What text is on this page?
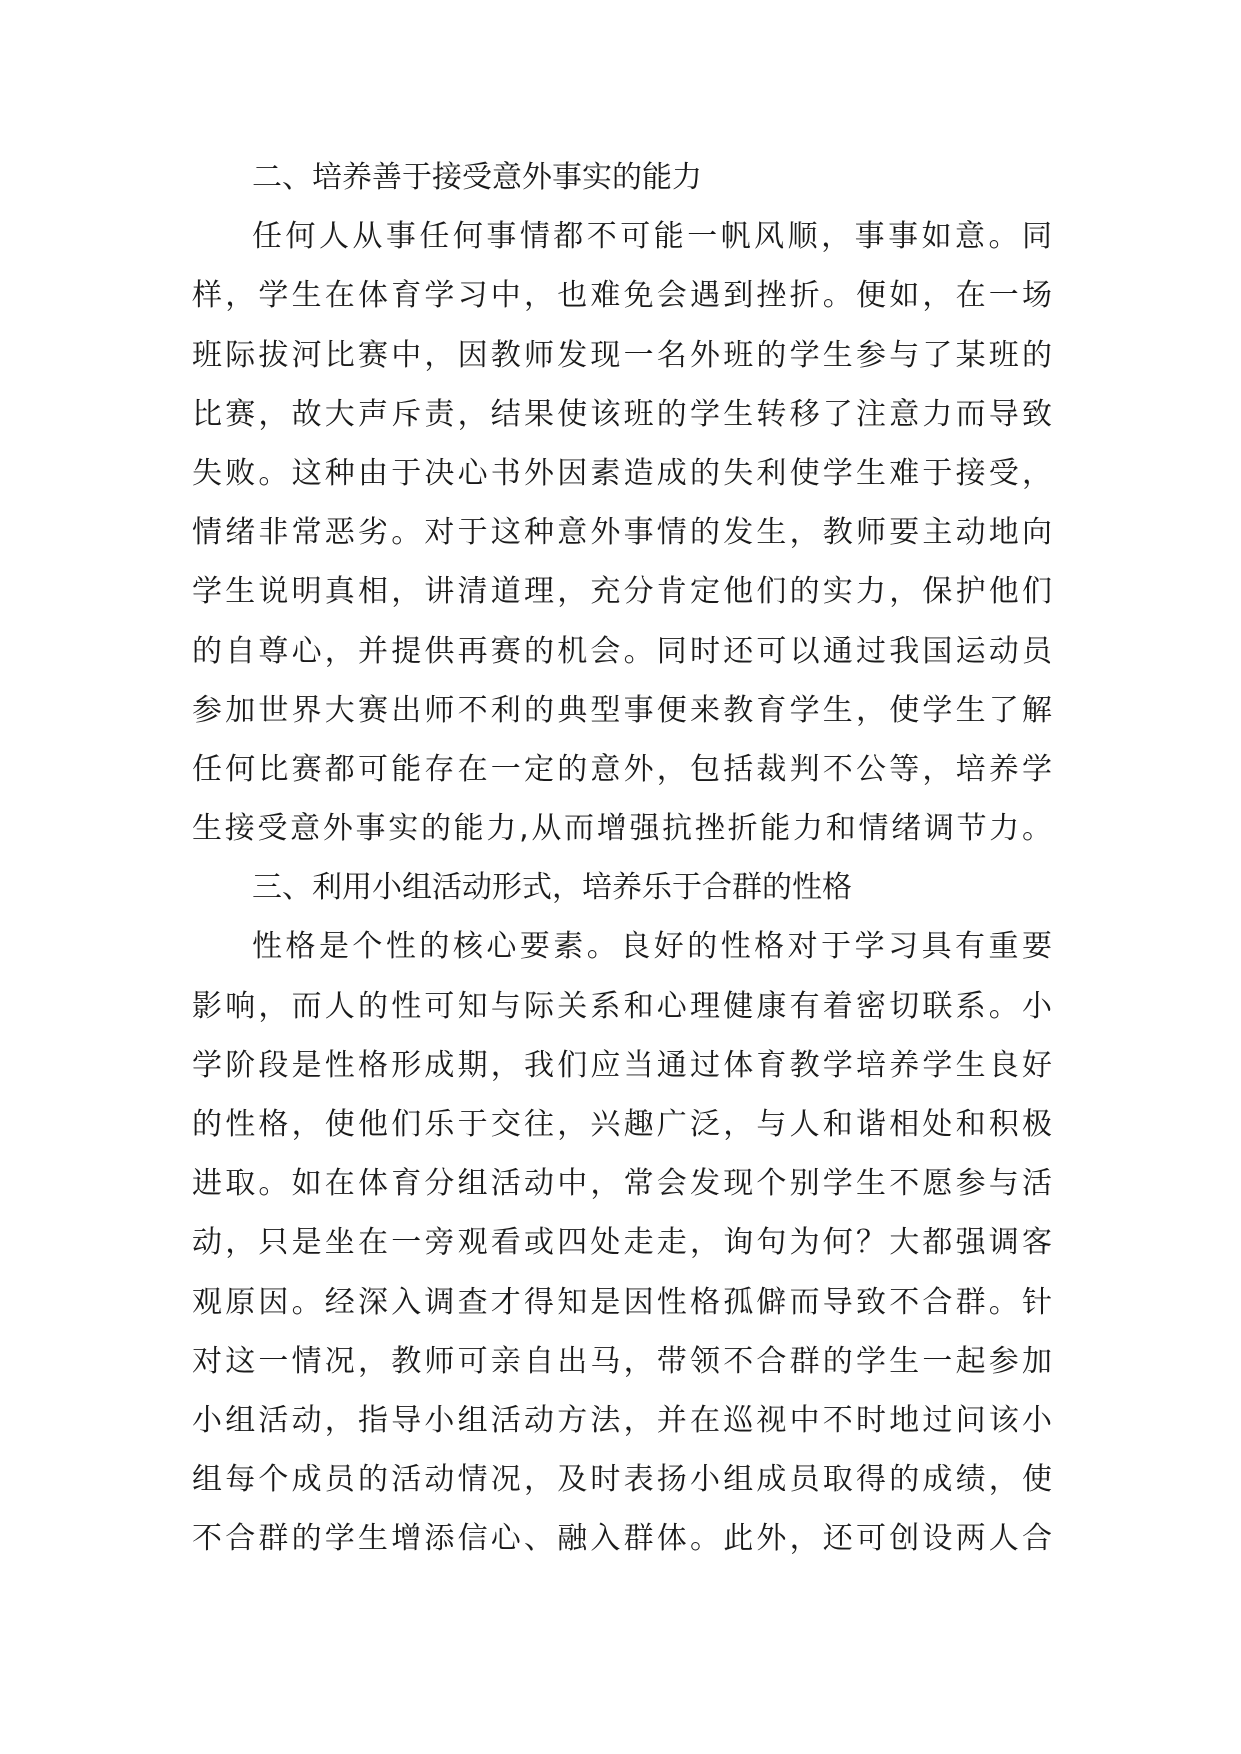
二、培养善于接受意外事实的能力
任何人从事任何事情都不可能一帆风顺，事事如意。同
样，学生在体育学习中，也难免会遇到挫折。便如，在一场
班际拔河比赛中，因教师发现一名外班的学生参与了某班的
比赛，故大声斥责，结果使该班的学生转移了注意力而导致
失败。这种由于决心书外因素造成的失利使学生难于接受，
情绪非常恶劣。对于这种意外事情的发生，教师要主动地向
学生说明真相，讲清道理，充分肯定他们的实力，保护他们
的自尊心，并提供再赛的机会。同时还可以通过我国运动员
参加世界大赛出师不利的典型事便来教育学生，使学生了解
任何比赛都可能存在一定的意外，包括裁判不公等，培养学
生接受意外事实的能力,从而增强抗挫折能力和情绪调节力。
三、利用小组活动形式，培养乐于合群的性格
性格是个性的核心要素。良好的性格对于学习具有重要
影响，而人的性可知与际关系和心理健康有着密切联系。小
学阶段是性格形成期，我们应当通过体育教学培养学生良好
的性格，使他们乐于交往，兴趣广泛，与人和谐相处和积极
进取。如在体育分组活动中，常会发现个别学生不愿参与活
动，只是坐在一旁观看或四处走走，询句为何？大都强调客
观原因。经深入调查才得知是因性格孤僻而导致不合群。针
对这一情况，教师可亲自出马，带领不合群的学生一起参加
小组活动，指导小组活动方法，并在巡视中不时地过问该小
组每个成员的活动情况，及时表扬小组成员取得的成绩，使
不合群的学生增添信心、融入群体。此外，还可创设两人合
